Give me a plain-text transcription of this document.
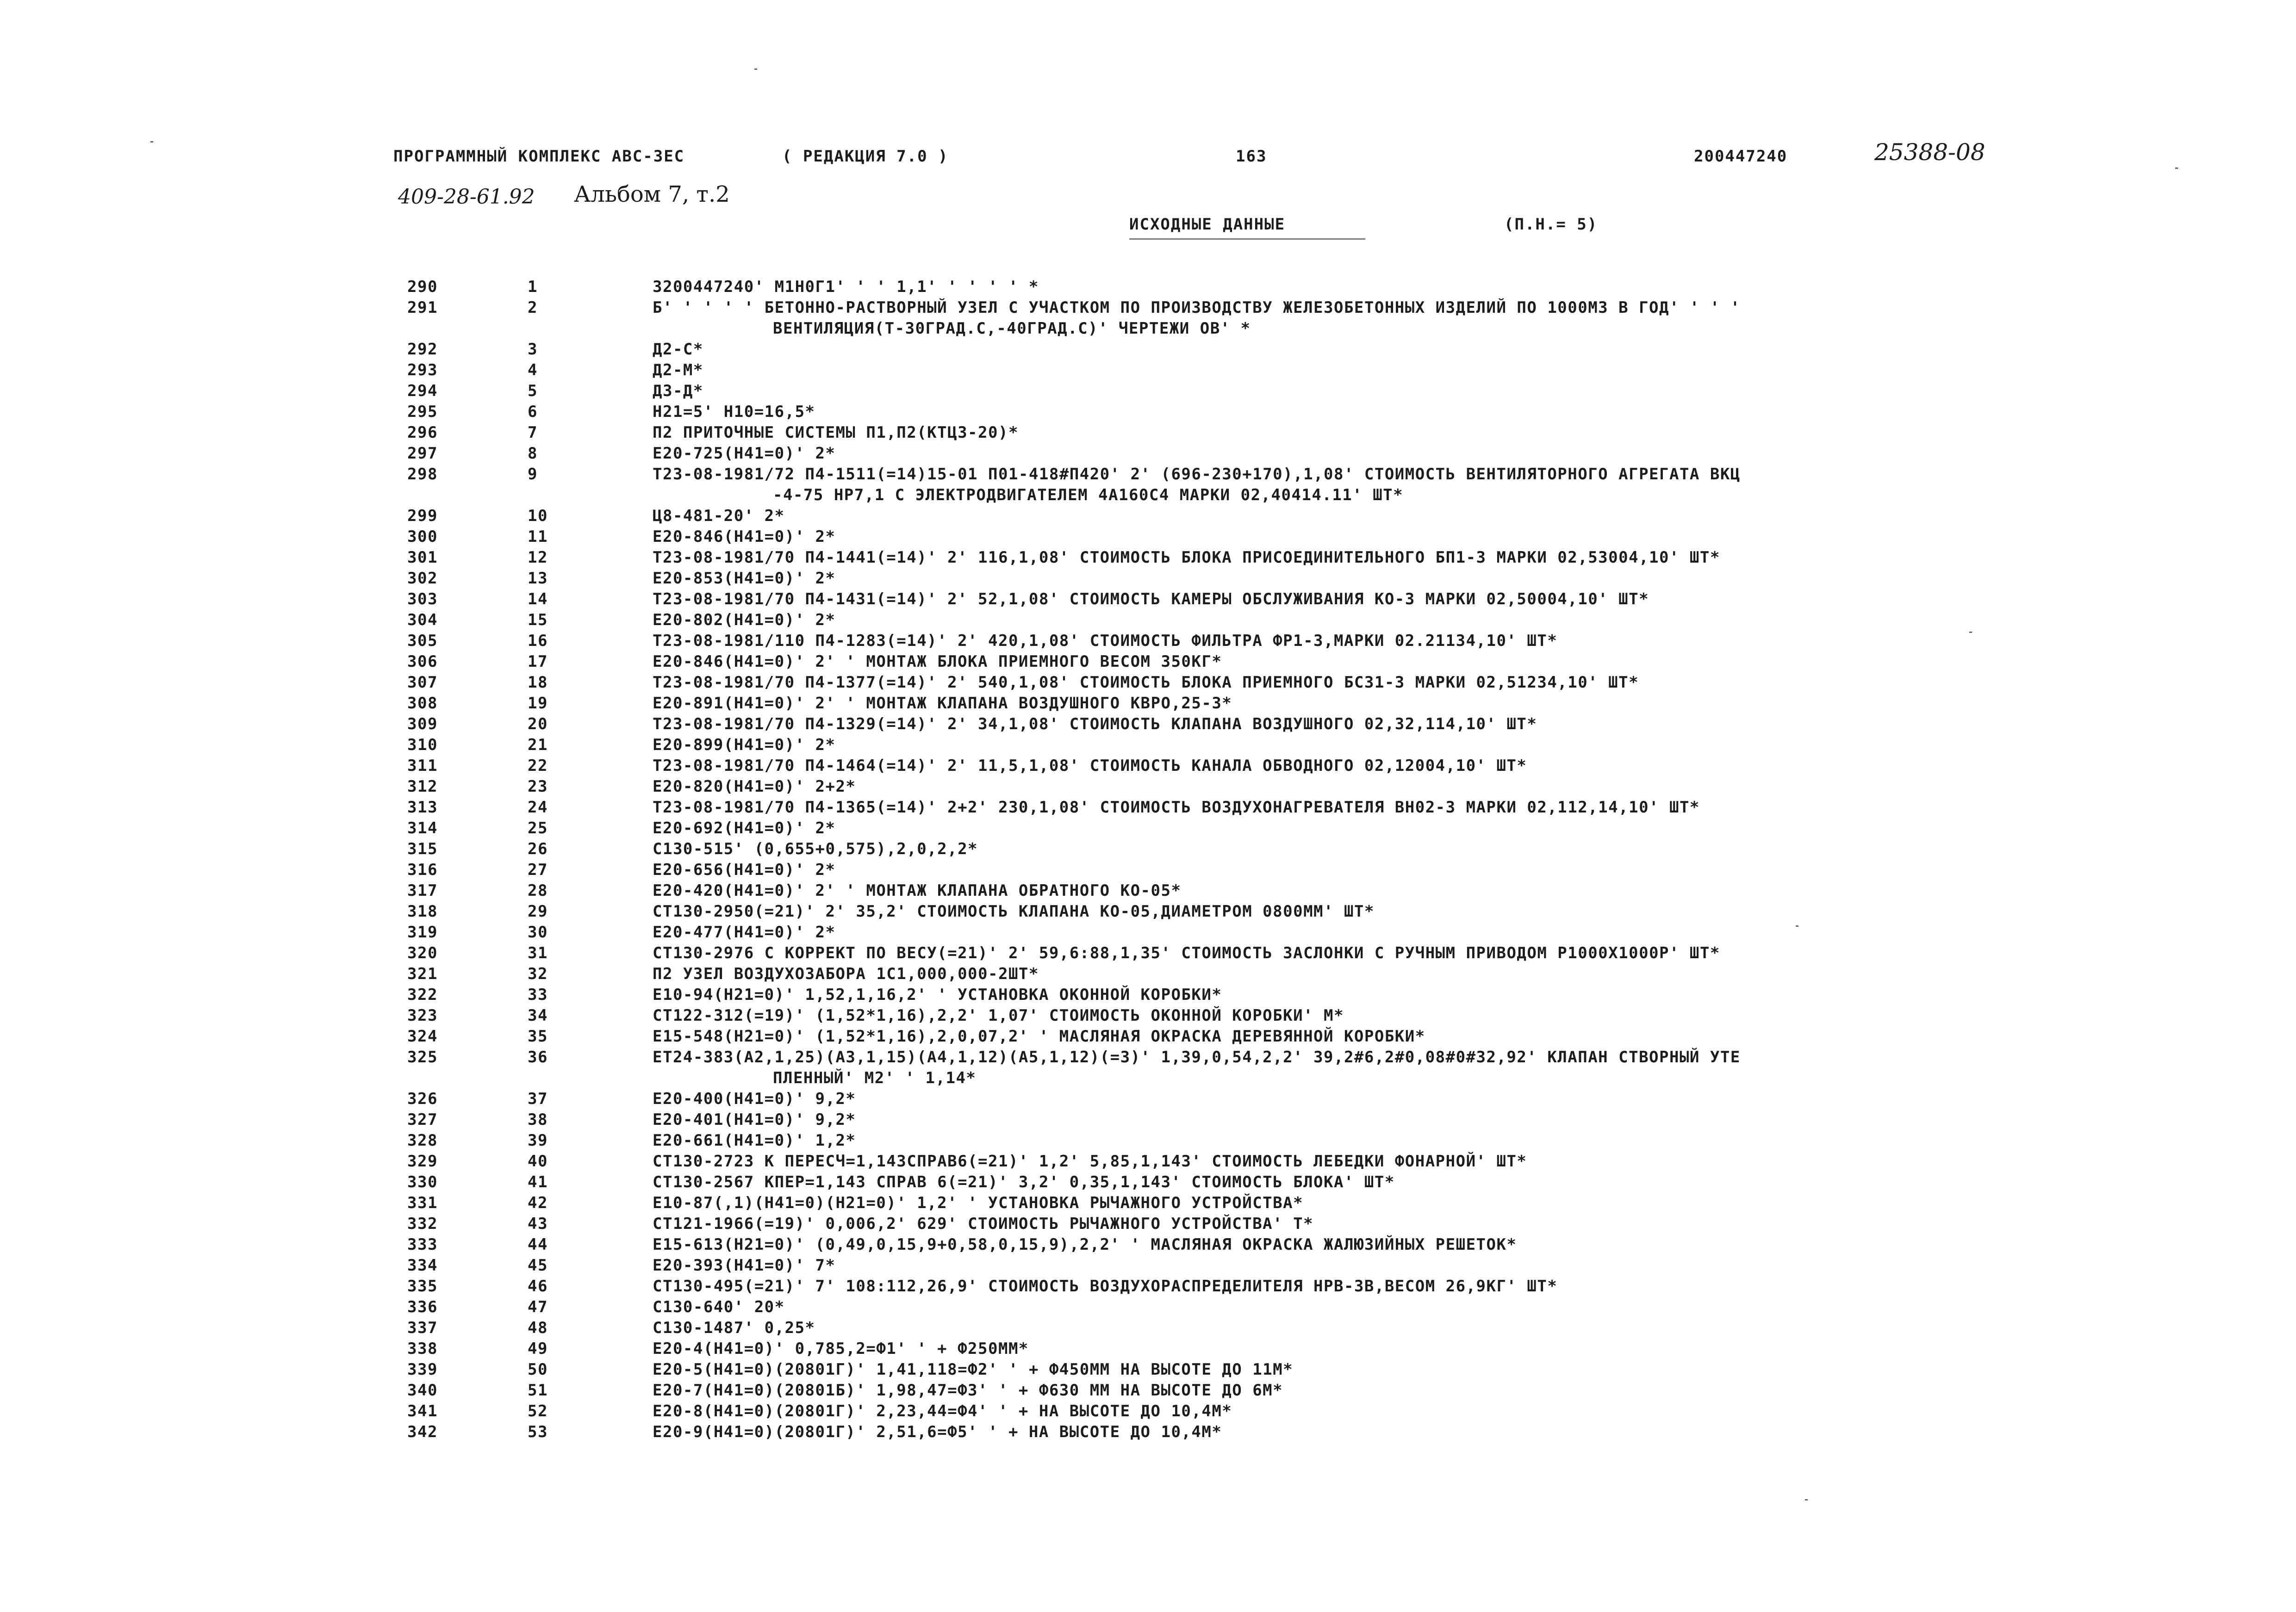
ПРОГРАММНЫЙ КОМПЛЕКС АВС-ЗЕС	( РЕДАКЦИЯ 7.0 )	163	200447240	25388-08
409-28-61.92 Альбом 7, т.2
ИСХОДНЫЕ ДАННЫЕ	(П.Н.= 5)
290	1	3200447240' М1Н0Г1' ' ' 1,1' ' ' ' ' *
291	2	Б' ' ' ' ' БЕТОННО-РАСТВОРНЫЙ УЗЕЛ С УЧАСТКОМ ПО ПРОИЗВОДСТВУ ЖЕЛЕЗОБЕТОННЫХ ИЗДЕЛИЙ ПО 1000М3 В ГОД' ' ' '
ВЕНТИЛЯЦИЯ(Т-30ГРАД.С,-40ГРАД.С)' ЧЕРТЕЖИ ОВ' *
292	3	Д2-С*
293	4	Д2-М*
294	5	Д3-Д*
295	6	Н21=5' Н10=16,5*
296	7	П2 ПРИТОЧНЫЕ СИСТЕМЫ П1,П2(КТЦ3-20)*
297	8	Е20-725(Н41=0)' 2*
298	9	Т23-08-1981/72 П4-1511(=14)15-01 П01-418#П420' 2' (696-230+170),1,08' СТОИМОСТЬ ВЕНТИЛЯТОРНОГО АГРЕГАТА ВКЦ
-4-75 НР7,1 С ЭЛЕКТРОДВИГАТЕЛЕМ 4А160С4 МАРКИ 02,40414.11' ШТ*
299	10	Ц8-481-20' 2*
300	11	Е20-846(Н41=0)' 2*
301	12	Т23-08-1981/70 П4-1441(=14)' 2' 116,1,08' СТОИМОСТЬ БЛОКА ПРИСОЕДИНИТЕЛЬНОГО БП1-3 МАРКИ 02,53004,10' ШТ*
302	13	Е20-853(Н41=0)' 2*
303	14	Т23-08-1981/70 П4-1431(=14)' 2' 52,1,08' СТОИМОСТЬ КАМЕРЫ ОБСЛУЖИВАНИЯ КО-3 МАРКИ 02,50004,10' ШТ*
304	15	Е20-802(Н41=0)' 2*
305	16	Т23-08-1981/110 П4-1283(=14)' 2' 420,1,08' СТОИМОСТЬ ФИЛЬТРА ФР1-3,МАРКИ 02.21134,10' ШТ*
306	17	Е20-846(Н41=0)' 2' ' МОНТАЖ БЛОКА ПРИЕМНОГО ВЕСОМ 350КГ*
307	18	Т23-08-1981/70 П4-1377(=14)' 2' 540,1,08' СТОИМОСТЬ БЛОКА ПРИЕМНОГО БС31-3 МАРКИ 02,51234,10' ШТ*
308	19	Е20-891(Н41=0)' 2' ' МОНТАЖ КЛАПАНА ВОЗДУШНОГО КВРО,25-3*
309	20	Т23-08-1981/70 П4-1329(=14)' 2' 34,1,08' СТОИМОСТЬ КЛАПАНА ВОЗДУШНОГО 02,32,114,10' ШТ*
310	21	Е20-899(Н41=0)' 2*
311	22	Т23-08-1981/70 П4-1464(=14)' 2' 11,5,1,08' СТОИМОСТЬ КАНАЛА ОБВОДНОГО 02,12004,10' ШТ*
312	23	Е20-820(Н41=0)' 2+2*
313	24	Т23-08-1981/70 П4-1365(=14)' 2+2' 230,1,08' СТОИМОСТЬ ВОЗДУХОНАГРЕВАТЕЛЯ ВН02-3 МАРКИ 02,112,14,10' ШТ*
314	25	Е20-692(Н41=0)' 2*
315	26	С130-515' (0,655+0,575),2,0,2,2*
316	27	Е20-656(Н41=0)' 2*
317	28	Е20-420(Н41=0)' 2' ' МОНТАЖ КЛАПАНА ОБРАТНОГО КО-05*
318	29	СТ130-2950(=21)' 2' 35,2' СТОИМОСТЬ КЛАПАНА КО-05,ДИАМЕТРОМ 0800ММ' ШТ*
319	30	Е20-477(Н41=0)' 2*
320	31	СТ130-2976 С КОРРЕКТ ПО ВЕСУ(=21)' 2' 59,6:88,1,35' СТОИМОСТЬ ЗАСЛОНКИ С РУЧНЫМ ПРИВОДОМ Р1000Х1000Р' ШТ*
321	32	П2 УЗЕЛ ВОЗДУХОЗАБОРА 1С1,000,000-2ШТ*
322	33	Е10-94(Н21=0)' 1,52,1,16,2' ' УСТАНОВКА ОКОННОЙ КОРОБКИ*
323	34	СТ122-312(=19)' (1,52*1,16),2,2' 1,07' СТОИМОСТЬ ОКОННОЙ КОРОБКИ' М*
324	35	Е15-548(Н21=0)' (1,52*1,16),2,0,07,2' ' МАСЛЯНАЯ ОКРАСКА ДЕРЕВЯННОЙ КОРОБКИ*
325	36	ЕТ24-383(А2,1,25)(А3,1,15)(А4,1,12)(А5,1,12)(=3)' 1,39,0,54,2,2' 39,2#6,2#0,08#0#32,92' КЛАПАН СТВОРНЫЙ УТЕ
ПЛЕННЫЙ' М2' ' 1,14*
326	37	Е20-400(Н41=0)' 9,2*
327	38	Е20-401(Н41=0)' 9,2*
328	39	Е20-661(Н41=0)' 1,2*
329	40	СТ130-2723 К ПЕРЕСЧ=1,143СПРАВ6(=21)' 1,2' 5,85,1,143' СТОИМОСТЬ ЛЕБЕДКИ ФОНАРНОЙ' ШТ*
330	41	СТ130-2567 КПЕР=1,143 СПРАВ 6(=21)' 3,2' 0,35,1,143' СТОИМОСТЬ БЛОКА' ШТ*
331	42	Е10-87(,1)(Н41=0)(Н21=0)' 1,2' ' УСТАНОВКА РЫЧАЖНОГО УСТРОЙСТВА*
332	43	СТ121-1966(=19)' 0,006,2' 629' СТОИМОСТЬ РЫЧАЖНОГО УСТРОЙСТВА' Т*
333	44	Е15-613(Н21=0)' (0,49,0,15,9+0,58,0,15,9),2,2' ' МАСЛЯНАЯ ОКРАСКА ЖАЛЮЗИЙНЫХ РЕШЕТОК*
334	45	Е20-393(Н41=0)' 7*
335	46	СТ130-495(=21)' 7' 108:112,26,9' СТОИМОСТЬ ВОЗДУХОРАСПРЕДЕЛИТЕЛЯ НРВ-3В,ВЕСОМ 26,9КГ' ШТ*
336	47	С130-640' 20*
337	48	С130-1487' 0,25*
338	49	Е20-4(Н41=0)' 0,785,2=Ф1' ' + Ф250ММ*
339	50	Е20-5(Н41=0)(20801Г)' 1,41,118=Ф2' ' + Ф450ММ НА ВЫСОТЕ ДО 11М*
340	51	Е20-7(Н41=0)(20801Б)' 1,98,47=Ф3' ' + Ф630 ММ НА ВЫСОТЕ ДО 6М*
341	52	Е20-8(Н41=0)(20801Г)' 2,23,44=Ф4' ' + НА ВЫСОТЕ ДО 10,4М*
342	53	Е20-9(Н41=0)(20801Г)' 2,51,6=Ф5' ' + НА ВЫСОТЕ ДО 10,4М*
